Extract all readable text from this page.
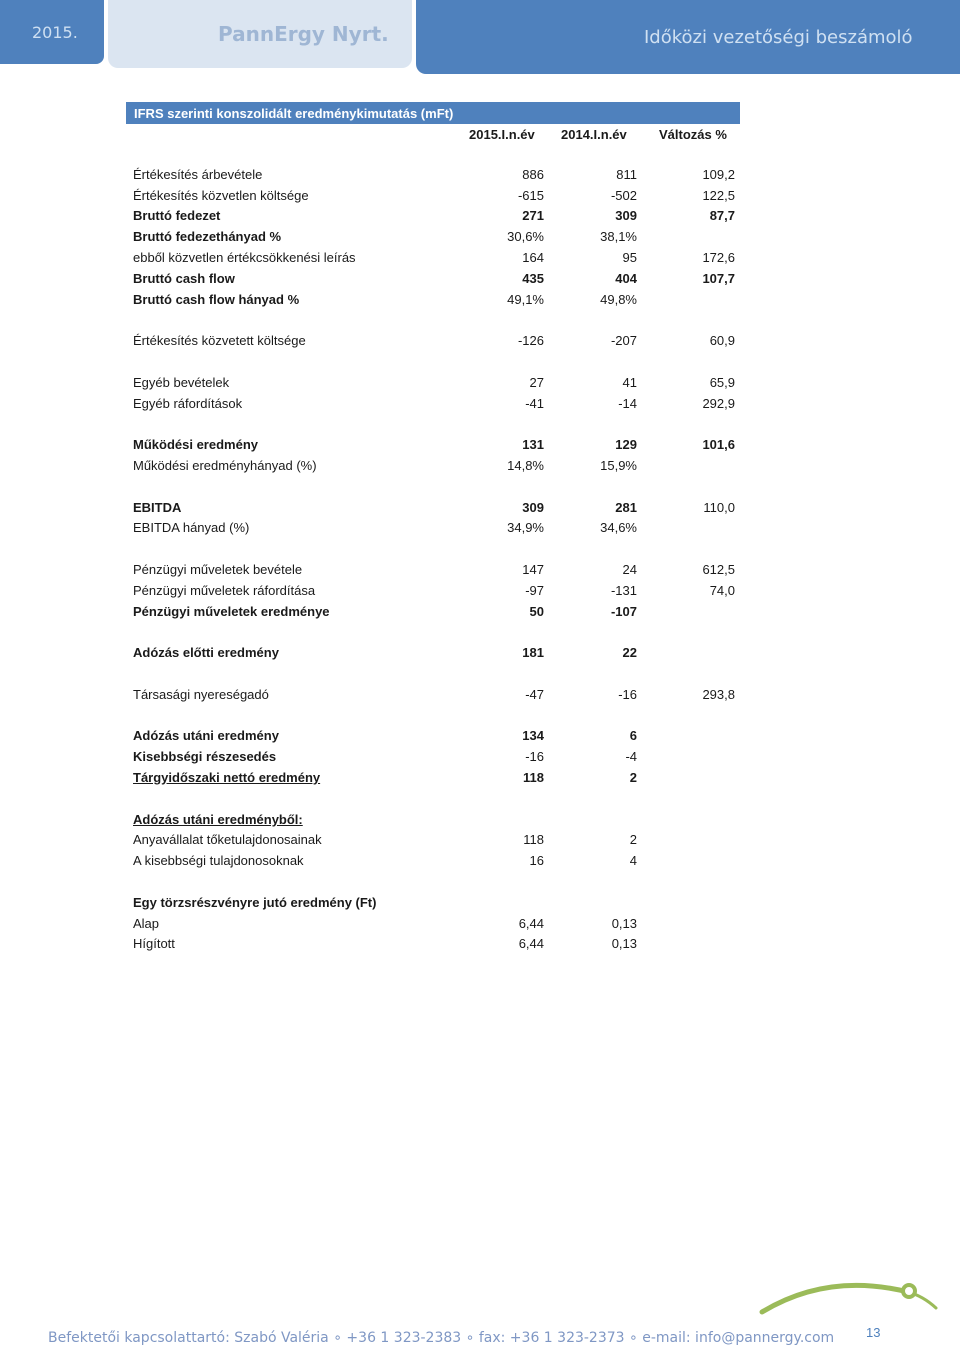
2015.	PannErgy Nyrt.	Időközi vezetőségi beszámoló
IFRS szerinti konszolidált eredménykimutatás (mFt)
2015.I.n.év 2014.I.n.év Változás %
Értékesítés árbevétele	886	811	109,2
Értékesítés közvetlen költsége	-615	-502	122,5
Bruttó fedezet	271	309	87,7
Bruttó fedezethányad %	30,6%	38,1%
ebből közvetlen értékcsökkenési leírás	164	95	172,6
Bruttó cash flow	435	404	107,7
Bruttó cash flow hányad %	49,1%	49,8%
Értékesítés közvetett költsége	-126	-207	60,9
Egyéb bevételek	27	41	65,9
Egyéb ráfordítások	-41	-14	292,9
Működési eredmény	131	129	101,6
Működési eredményhányad (%)	14,8%	15,9%
EBITDA	309	281	110,0
EBITDA hányad (%)	34,9%	34,6%
Pénzügyi műveletek bevétele	147	24	612,5
Pénzügyi műveletek ráfordítása	-97	-131	74,0
Pénzügyi műveletek eredménye	50	-107
Adózás előtti eredmény	181	22
Társasági nyereségadó	-47	-16	293,8
Adózás utáni eredmény	134	6
Kisebbségi részesedés	-16	-4
Tárgyidőszaki nettó eredmény	118	2
Adózás utáni eredményből:
Anyavállalat tőketulajdonosainak	118	2
A kisebbségi tulajdonosoknak	16	4
Egy törzsrészvényre jutó eredmény (Ft)
Alap	6,44	0,13
Hígított	6,44	0,13
Befektetői kapcsolattartó: Szabó Valéria ∘ +36 1 323-2383 ∘ fax: +36 1 323-2373 ∘ e-mail: info@pannergy.com 13
